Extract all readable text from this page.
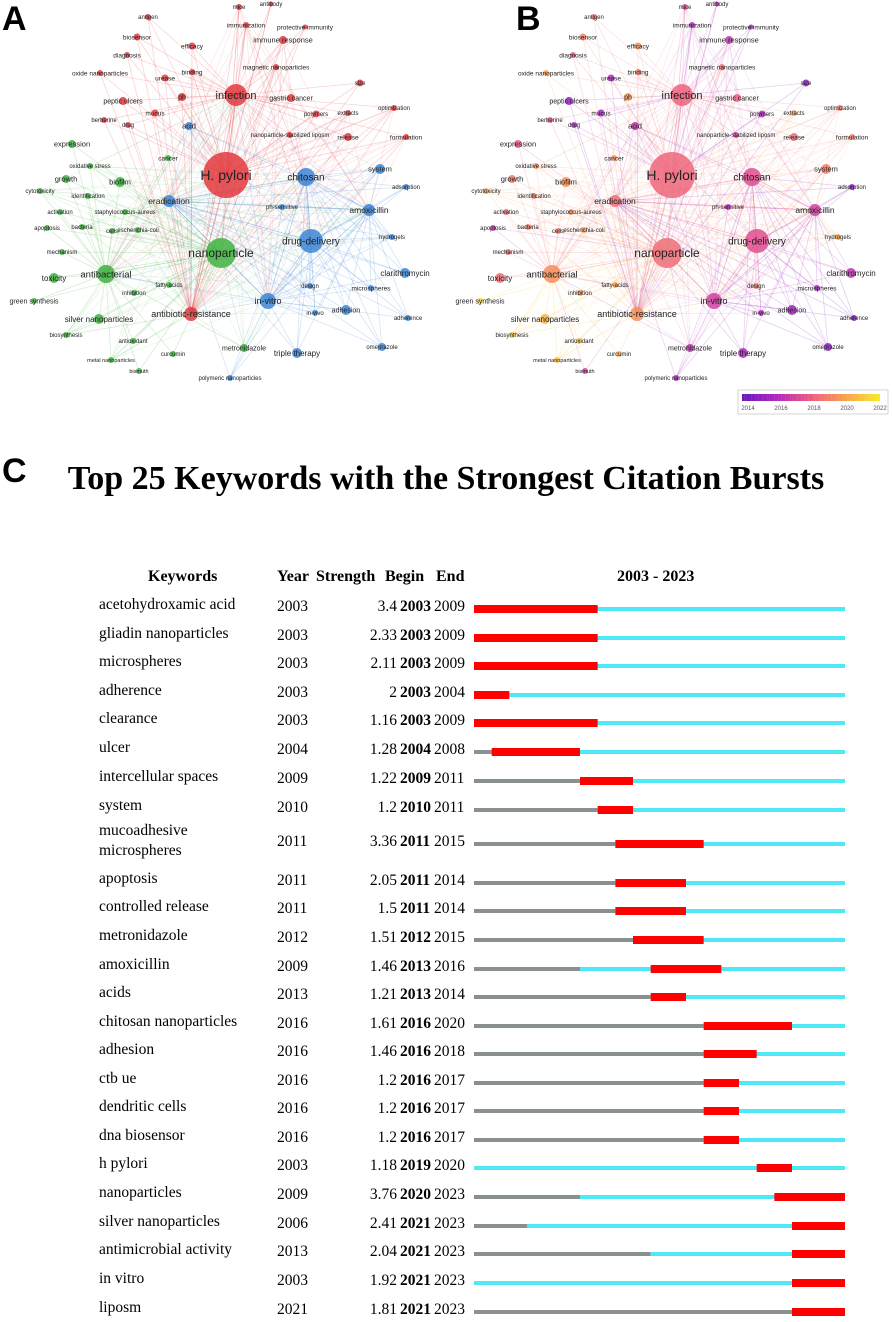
A	B
mice antibody
antigen
immunization protective immunity
biosensor	immune response
efficacy
diagnosis
magnetic nanoparticles
oxide nanoparticles
urease
binding
size
ph	infection
peptic ulcers	gastric cancer
optimization
mucus	polymers extracts
berberine
drug	acid
nanoparticle-stabilized liposm release	formulation
expression
cancer
oxidative stress	H. pylori	chitosan
system
growth	biofilm
cytotoxicity
identification
adsorption
eradication
ph-sensitive	amoxicillin
staphylococcus-aureus
activation
apoptosis bacteria
cells escherichia-coli
hydrogels
drug-delivery
mechanism	nanoparticle
toxicity antibacterial
fatty-acids
clarithromycin
inhibition
design	microspheres
green synthesis	in-vitro
silver nanoparticles
antibiotic-resistance	in-vivo adhesion
adherence
biosynthesis
antioxidant
curcumin
metronidazole	omeprazole
triple therapy
metal nanoparticles
bismuth
polymeric nanoparticles
mice antibody
antigen
immunization protective immunity
biosensor	immune response
efficacy
diagnosis
magnetic nanoparticles
oxide nanoparticles
urease
binding
size
ph	infection
peptic ulcers	gastric cancer
optimization
mucus	polymers extracts
berberine
drug	acid
nanoparticle-stabilized liposm release	formulation
expression
cancer
oxidative stress	H. pylori	chitosan
system
growth	biofilm
cytotoxicity
identification
adsorption
eradication
ph-sensitive	amoxicillin
staphylococcus-aureus
activation
apoptosis bacteria
cells escherichia-coli
hydrogels
drug-delivery
mechanism	nanoparticle
toxicity antibacterial
fatty-acids
clarithromycin
inhibition
design	microspheres
green synthesis	in-vitro
silver nanoparticles
antibiotic-resistance	in-vivo adhesion
adherence
biosynthesis
antioxidant
curcumin
metronidazole	omeprazole
triple therapy
metal nanoparticles
bismuth
polymeric nanoparticles
2014	2016	2018	2020	2022
C	Top 25 Keywords with the Strongest Citation Bursts
Keywords	Year Strength Begin End	2003 - 2023
acetohydroxamic acid	2003	3.4 2003 2009
gliadin nanoparticles	2003	2.33 2003 2009
microspheres	2003	2.11 2003 2009
adherence	2003	2 2003 2004
clearance	2003	1.16 2003 2009
ulcer	2004	1.28 2004 2008
intercellular spaces	2009	1.22 2009 2011
system	2010	1.2 2010 2011
mucoadhesive microspheres
2011	3.36 2011 2015
apoptosis	2011	2.05 2011 2014
controlled release	2011	1.5 2011 2014
metronidazole	2012	1.51 2012 2015
amoxicillin	2009	1.46 2013 2016
acids	2013	1.21 2013 2014
chitosan nanoparticles	2016	1.61 2016 2020
adhesion	2016	1.46 2016 2018
ctb ue	2016	1.2 2016 2017
dendritic cells	2016	1.2 2016 2017
dna biosensor	2016	1.2 2016 2017
h pylori	2003	1.18 2019 2020
nanoparticles	2009	3.76 2020 2023
silver nanoparticles	2006	2.41 2021 2023
antimicrobial activity	2013	2.04 2021 2023
in vitro	2003	1.92 2021 2023
liposm	2021	1.81 2021 2023
